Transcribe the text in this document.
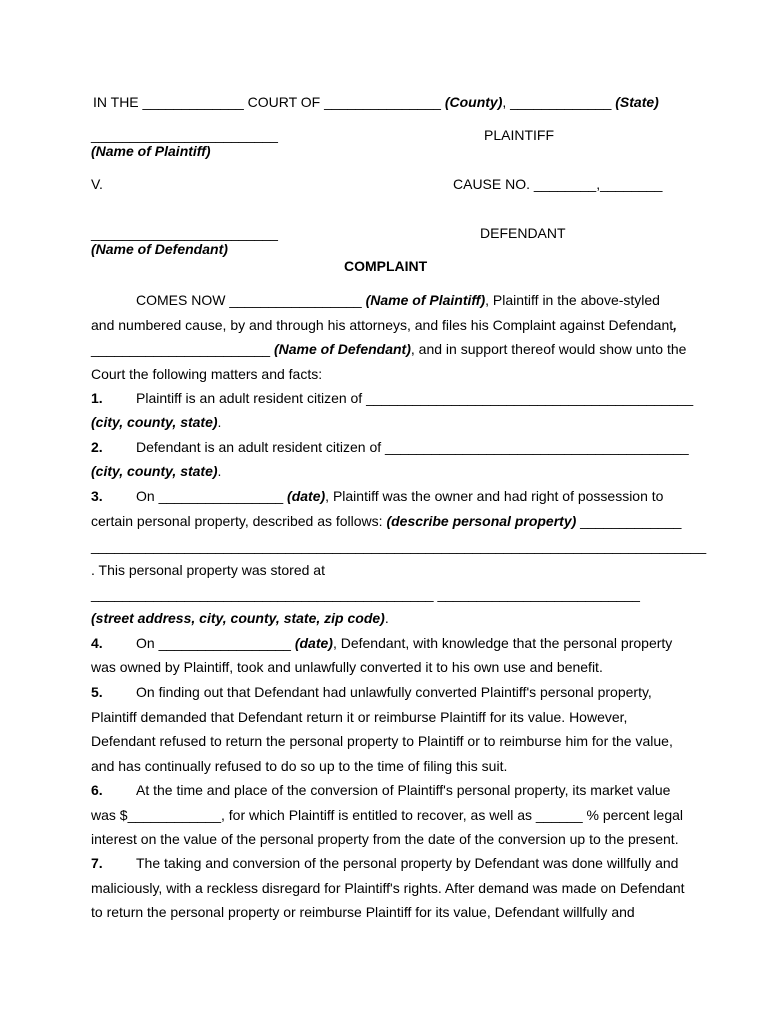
IN THE _____________ COURT OF _______________ (County), _____________ (State)
________________________	PLAINTIFF
(Name of Plaintiff)
V.	CAUSE NO. ________,________
________________________	DEFENDANT
(Name of Defendant)
COMPLAINT
COMES NOW _________________ (Name of Plaintiff), Plaintiff in the above-styled
and numbered cause, by and through his attorneys, and files his Complaint against Defendant,
_______________________ (Name of Defendant), and in support thereof would show unto the
Court the following matters and facts:
1. Plaintiff is an adult resident citizen of __________________________________________
(city, county, state).
2. Defendant is an adult resident citizen of _______________________________________
(city, county, state).
3. On ________________ (date), Plaintiff was the owner and had right of possession to
certain personal property, described as follows: (describe personal property) _____________
_______________________________________________________________________________
. This personal property was stored at
____________________________________________ __________________________
(street address, city, county, state, zip code).
4. On _________________ (date), Defendant, with knowledge that the personal property
was owned by Plaintiff, took and unlawfully converted it to his own use and benefit.
5. On finding out that Defendant had unlawfully converted Plaintiff's personal property,
Plaintiff demanded that Defendant return it or reimburse Plaintiff for its value. However,
Defendant refused to return the personal property to Plaintiff or to reimburse him for the value,
and has continually refused to do so up to the time of filing this suit.
6. At the time and place of the conversion of Plaintiff's personal property, its market value
was $____________, for which Plaintiff is entitled to recover, as well as ______ % percent legal
interest on the value of the personal property from the date of the conversion up to the present.
7. The taking and conversion of the personal property by Defendant was done willfully and
maliciously, with a reckless disregard for Plaintiff's rights. After demand was made on Defendant
to return the personal property or reimburse Plaintiff for its value, Defendant willfully and
